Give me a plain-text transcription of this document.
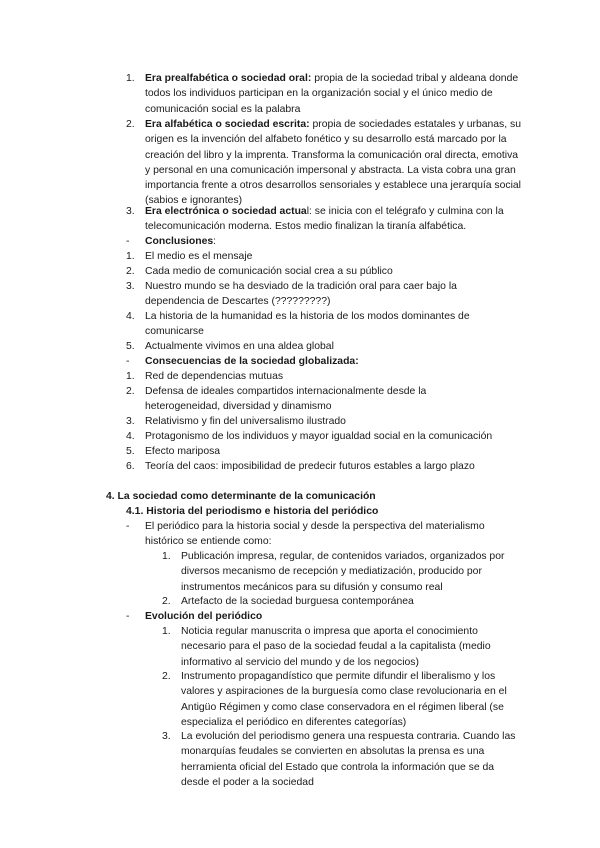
1. Era prealfabética o sociedad oral: propia de la sociedad tribal y aldeana donde todos los individuos participan en la organización social y el único medio de comunicación social es la palabra
2. Era alfabética o sociedad escrita: propia de sociedades estatales y urbanas, su origen es la invención del alfabeto fonético y su desarrollo está marcado por la creación del libro y la imprenta. Transforma la comunicación oral directa, emotiva y personal en una comunicación impersonal y abstracta. La vista cobra una gran importancia frente a otros desarrollos sensoriales y establece una jerarquía social (sabios e ignorantes)
3. Era electrónica o sociedad actual: se inicia con el telégrafo y culmina con la telecomunicación moderna. Estos medio finalizan la tiranía alfabética.
- Conclusiones:
1. El medio es el mensaje
2. Cada medio de comunicación social crea a su público
3. Nuestro mundo se ha desviado de la tradición oral para caer bajo la dependencia de Descartes (?????????)
4. La historia de la humanidad es la historia de los modos dominantes de comunicarse
5. Actualmente vivimos en una aldea global
- Consecuencias de la sociedad globalizada:
1. Red de dependencias mutuas
2. Defensa de ideales compartidos internacionalmente desde la heterogeneidad, diversidad y dinamismo
3. Relativismo y fin del universalismo ilustrado
4. Protagonismo de los individuos y mayor igualdad social en la comunicación
5. Efecto mariposa
6. Teoría del caos: imposibilidad de predecir futuros estables a largo plazo
4. La sociedad como determinante de la comunicación
4.1. Historia del periodismo e historia del periódico
- El periódico para la historia social y desde la perspectiva del materialismo histórico se entiende como:
1. Publicación impresa, regular, de contenidos variados, organizados por diversos mecanismo de recepción y mediatización, producido por instrumentos mecánicos para su difusión y consumo real
2. Artefacto de la sociedad burguesa contemporánea
- Evolución del periódico
1. Noticia regular manuscrita o impresa que aporta el conocimiento necesario para el paso de la sociedad feudal a la capitalista (medio informativo al servicio del mundo y de los negocios)
2. Instrumento propagandístico que permite difundir el liberalismo y los valores y aspiraciones de la burguesía como clase revolucionaria en el Antigüo Régimen y como clase conservadora en el régimen liberal (se especializa el periódico en diferentes categorías)
3. La evolución del periodismo genera una respuesta contraria. Cuando las monarquías feudales se convierten en absolutas la prensa es una herramienta oficial del Estado que controla la información que se da desde el poder a la sociedad
